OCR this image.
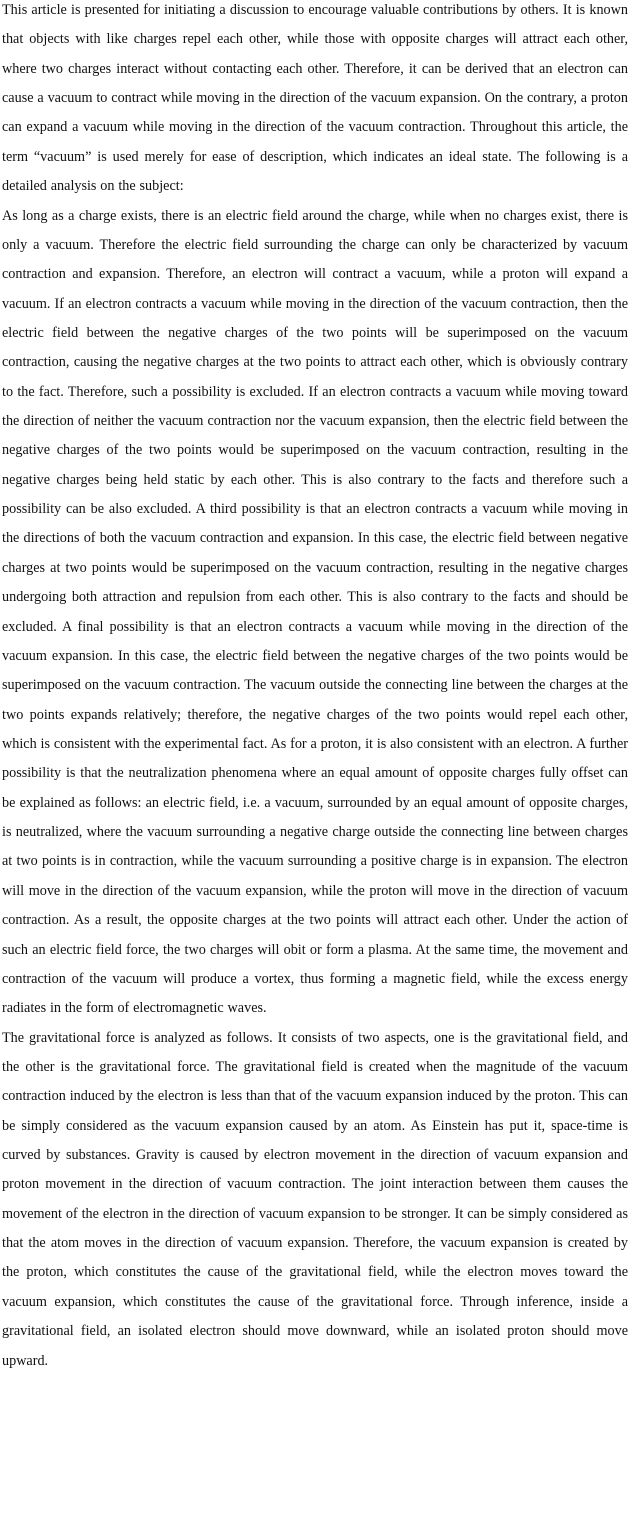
This article is presented for initiating a discussion to encourage valuable contributions by others. It is known that objects with like charges repel each other, while those with opposite charges will attract each other, where two charges interact without contacting each other. Therefore, it can be derived that an electron can cause a vacuum to contract while moving in the direction of the vacuum expansion. On the contrary, a proton can expand a vacuum while moving in the direction of the vacuum contraction. Throughout this article, the term “vacuum” is used merely for ease of description, which indicates an ideal state. The following is a detailed analysis on the subject:

As long as a charge exists, there is an electric field around the charge, while when no charges exist, there is only a vacuum. Therefore the electric field surrounding the charge can only be characterized by vacuum contraction and expansion. Therefore, an electron will contract a vacuum, while a proton will expand a vacuum. If an electron contracts a vacuum while moving in the direction of the vacuum contraction, then the electric field between the negative charges of the two points will be superimposed on the vacuum contraction, causing the negative charges at the two points to attract each other, which is obviously contrary to the fact. Therefore, such a possibility is excluded. If an electron contracts a vacuum while moving toward the direction of neither the vacuum contraction nor the vacuum expansion, then the electric field between the negative charges of the two points would be superimposed on the vacuum contraction, resulting in the negative charges being held static by each other. This is also contrary to the facts and therefore such a possibility can be also excluded. A third possibility is that an electron contracts a vacuum while moving in the directions of both the vacuum contraction and expansion. In this case, the electric field between negative charges at two points would be superimposed on the vacuum contraction, resulting in the negative charges undergoing both attraction and repulsion from each other. This is also contrary to the facts and should be excluded. A final possibility is that an electron contracts a vacuum while moving in the direction of the vacuum expansion. In this case, the electric field between the negative charges of the two points would be superimposed on the vacuum contraction. The vacuum outside the connecting line between the charges at the two points expands relatively; therefore, the negative charges of the two points would repel each other, which is consistent with the experimental fact. As for a proton, it is also consistent with an electron. A further possibility is that the neutralization phenomena where an equal amount of opposite charges fully offset can be explained as follows: an electric field, i.e. a vacuum, surrounded by an equal amount of opposite charges, is neutralized, where the vacuum surrounding a negative charge outside the connecting line between charges at two points is in contraction, while the vacuum surrounding a positive charge is in expansion. The electron will move in the direction of the vacuum expansion, while the proton will move in the direction of vacuum contraction. As a result, the opposite charges at the two points will attract each other. Under the action of such an electric field force, the two charges will obit or form a plasma. At the same time, the movement and contraction of the vacuum will produce a vortex, thus forming a magnetic field, while the excess energy radiates in the form of electromagnetic waves.

The gravitational force is analyzed as follows. It consists of two aspects, one is the gravitational field, and the other is the gravitational force. The gravitational field is created when the magnitude of the vacuum contraction induced by the electron is less than that of the vacuum expansion induced by the proton. This can be simply considered as the vacuum expansion caused by an atom. As Einstein has put it, space-time is curved by substances. Gravity is caused by electron movement in the direction of vacuum expansion and proton movement in the direction of vacuum contraction. The joint interaction between them causes the movement of the electron in the direction of vacuum expansion to be stronger. It can be simply considered as that the atom moves in the direction of vacuum expansion. Therefore, the vacuum expansion is created by the proton, which constitutes the cause of the gravitational field, while the electron moves toward the vacuum expansion, which constitutes the cause of the gravitational force. Through inference, inside a gravitational field, an isolated electron should move downward, while an isolated proton should move upward.
